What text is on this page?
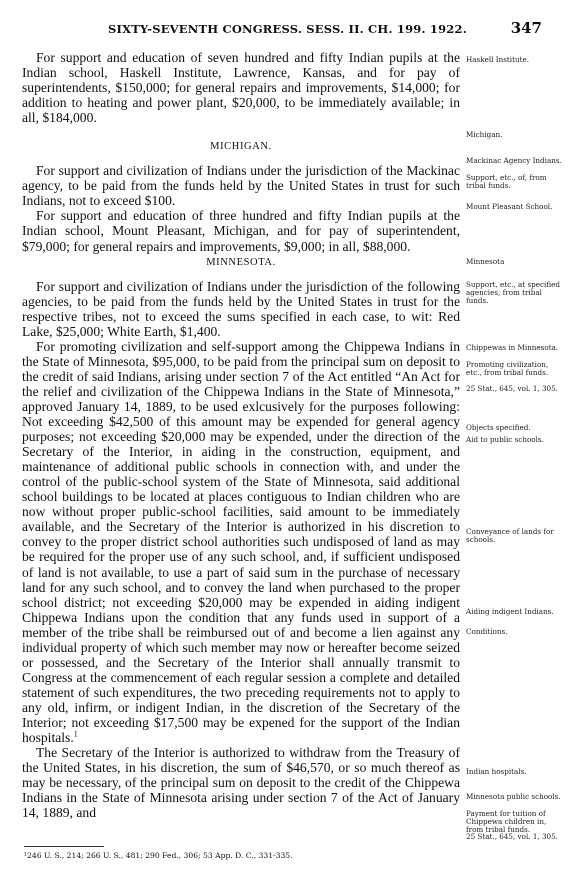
SIXTY-SEVENTH CONGRESS. SESS. II. CH. 199. 1922.	347

For support and education of seven hundred and fifty Indian pupils at the Indian school, Haskell Institute, Lawrence, Kansas, and for pay of superintendents, $150,000; for general repairs and improvements, $14,000; for addition to heating and power plant, $20,000, to be immediately available; in all, $184,000.

MICHIGAN.

For support and civilization of Indians under the jurisdiction of the Mackinac agency, to be paid from the funds held by the United States in trust for such Indians, not to exceed $100.

For support and education of three hundred and fifty Indian pupils at the Indian school, Mount Pleasant, Michigan, and for pay of superintendent, $79,000; for general repairs and improvements, $9,000; in all, $88,000.

MINNESOTA.

For support and civilization of Indians under the jurisdiction of the following agencies, to be paid from the funds held by the United States in trust for the respective tribes, not to exceed the sums specified in each case, to wit: Red Lake, $25,000; White Earth, $1,400.

For promoting civilization and self-support among the Chippewa Indians in the State of Minnesota, $95,000, to be paid from the principal sum on deposit to the credit of said Indians, arising under section 7 of the Act entitled “An Act for the relief and civilization of the Chippewa Indians in the State of Minnesota,” approved January 14, 1889, to be used exlcusively for the purposes following: Not exceeding $42,500 of this amount may be expended for general agency purposes; not exceeding $20,000 may be expended, under the direction of the Secretary of the Interior, in aiding in the construction, equipment, and maintenance of additional public schools in connection with, and under the control of the public-school system of the State of Minnesota, said additional school buildings to be located at places contiguous to Indian children who are now without proper public-school facilities, said amount to be immediately available, and the Secretary of the Interior is authorized in his discretion to convey to the proper district school authorities such undisposed of land as may be required for the proper use of any such school, and, if sufficient undisposed of land is not available, to use a part of said sum in the purchase of necessary land for any such school, and to convey the land when purchased to the proper school district; not exceeding $20,000 may be expended in aiding indigent Chippewa Indians upon the condition that any funds used in support of a member of the tribe shall be reimbursed out of and become a lien against any individual property of which such member may now or hereafter become seized or possessed, and the Secretary of the Interior shall annually transmit to Congress at the commencement of each regular session a complete and detailed statement of such expenditures, the two preceding requirements not to apply to any old, infirm, or indigent Indian, in the discretion of the Secretary of the Interior; not exceeding $17,500 may be expened for the support of the Indian hospitals.$^1$

The Secretary of the Interior is authorized to withdraw from the Treasury of the United States, in his discretion, the sum of $46,570, or so much thereof as may be necessary, of the principal sum on deposit to the credit of the Chippewa Indians in the State of Minnesota arising under section 7 of the Act of January 14, 1889, and

Haskell Institute.
Michigan.
Mackinac Agency Indians.
Support, etc., of, from tribal funds.
Mount Pleasant School.
Minnesota
Support, etc., at specified agencies, from tribal funds.
Chippewas in Minnesota.
Promoting civilization, etc., from tribal funds.
25 Stat., 645, vol. 1, 305.
Objects specified.
Aid to public schools.
Conveyance of lands for schools.
Aiding indigent Indians.
Conditions.
Indian hospitals.
Minnesota public schools.
Payment for tuition of Chippewa children in, from tribal funds.
25 Stat., 645, vol. 1, 305.
¹246 U. S., 214; 266 U. S., 481; 290 Fed., 306; 53 App. D. C., 331-335.
